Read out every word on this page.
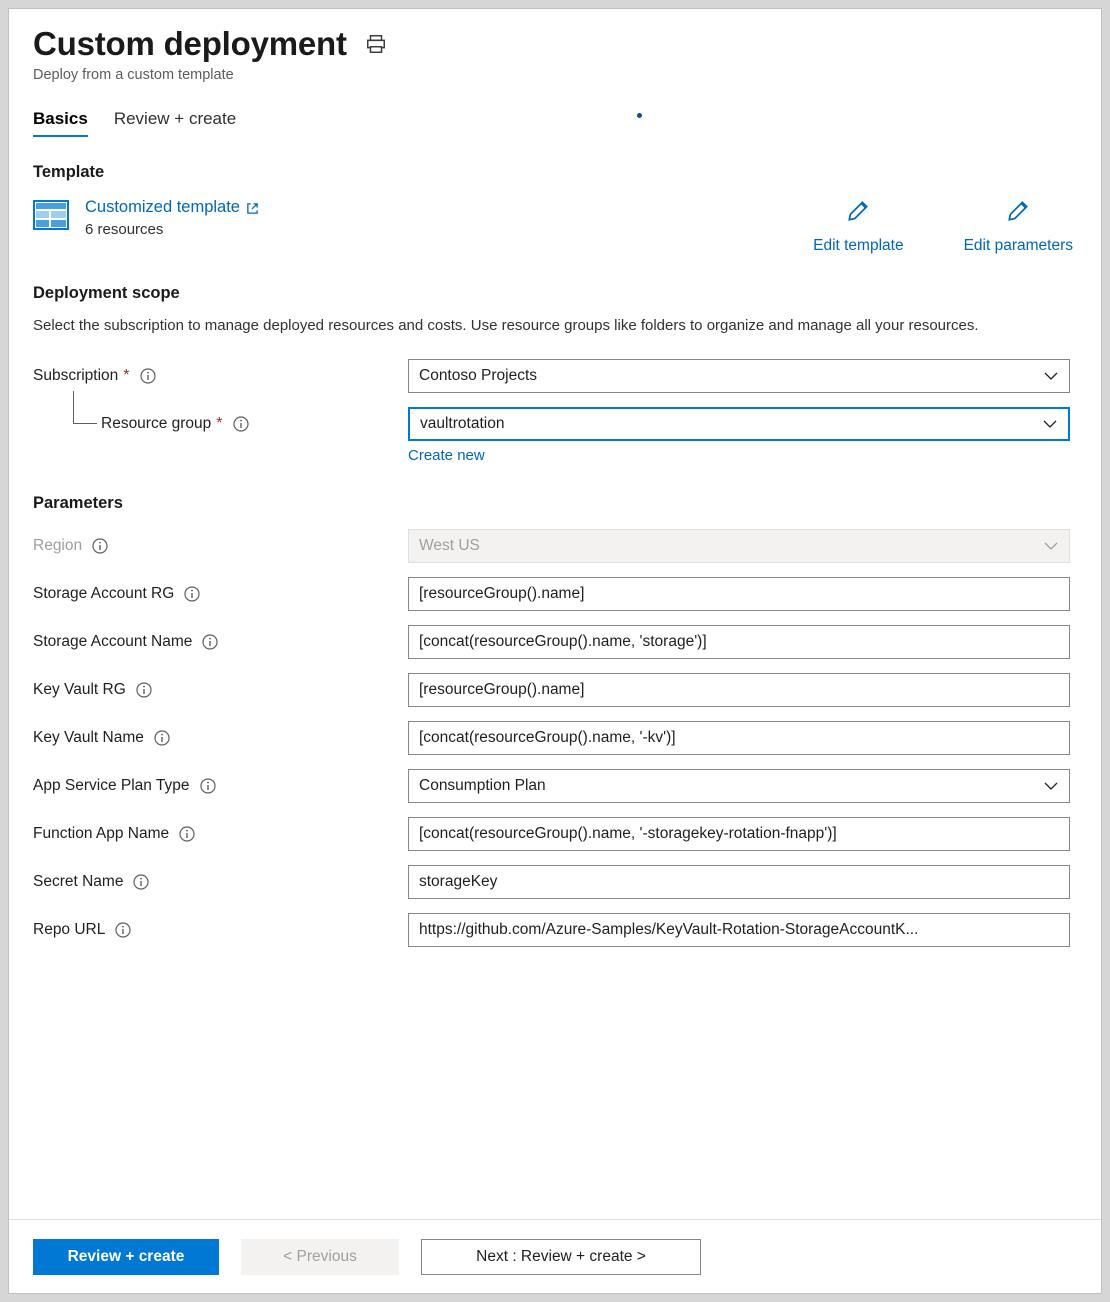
Custom deployment
Deploy from a custom template
Basics Review + create
Template
Customized template
6 resources
Edit template	Edit parameters
Deployment scope
Select the subscription to manage deployed resources and costs. Use resource groups like folders to organize and manage all your resources.
Subscription *	Contoso Projects
Resource group *	vaultrotation
Create new
Parameters
Region	West US
Storage Account RG	[resourceGroup().name]
Storage Account Name	[concat(resourceGroup().name, 'storage')]
Key Vault RG	[resourceGroup().name]
Key Vault Name	[concat(resourceGroup().name, '-kv')]
App Service Plan Type	Consumption Plan
Function App Name	[concat(resourceGroup().name, '-storagekey-rotation-fnapp')]
Secret Name	storageKey
Repo URL	https://github.com/Azure-Samples/KeyVault-Rotation-StorageAccountK...
Review + create	< Previous	Next : Review + create >
